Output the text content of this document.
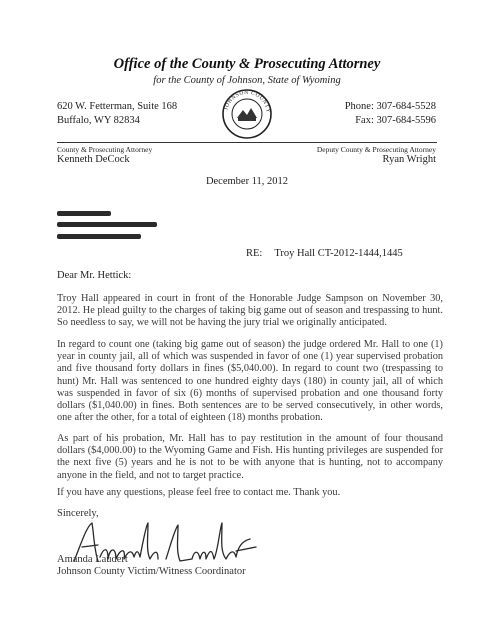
Office of the County & Prosecuting Attorney
for the County of Johnson, State of Wyoming
620 W. Fetterman, Suite 168
Buffalo, WY 82834
JOHNSON COUNTY	Phone: 307-684-5528
Fax: 307-684-5596
County & Prosecuting Attorney
Kenneth DeCock
Deputy County & Prosecuting Attorney
Ryan Wright
December 11, 2012
RE: Troy Hall CT-2012-1444,1445
Dear Mr. Hettick:
Troy Hall appeared in court in front of the Honorable Judge Sampson on November 30, 2012. He plead guilty to the charges of taking big game out of season and trespassing to hunt. So needless to say, we will not be having the jury trial we originally anticipated.
In regard to count one (taking big game out of season) the judge ordered Mr. Hall to one (1) year in county jail, all of which was suspended in favor of one (1) year supervised probation and five thousand forty dollars in fines ($5,040.00). In regard to count two (trespassing to hunt) Mr. Hall was sentenced to one hundred eighty days (180) in county jail, all of which was suspended in favor of six (6) months of supervised probation and one thousand forty dollars ($1,040.00) in fines. Both sentences are to be served consecutively, in other words, one after the other, for a total of eighteen (18) months probation.
As part of his probation, Mr. Hall has to pay restitution in the amount of four thousand dollars ($4,000.00) to the Wyoming Game and Fish. His hunting privileges are suspended for the next five (5) years and he is not to be with anyone that is hunting, not to accompany anyone in the field, and not to target practice.
If you have any questions, please feel free to contact me. Thank you.
Sincerely,
Amanda Laudert
Johnson County Victim/Witness Coordinator
